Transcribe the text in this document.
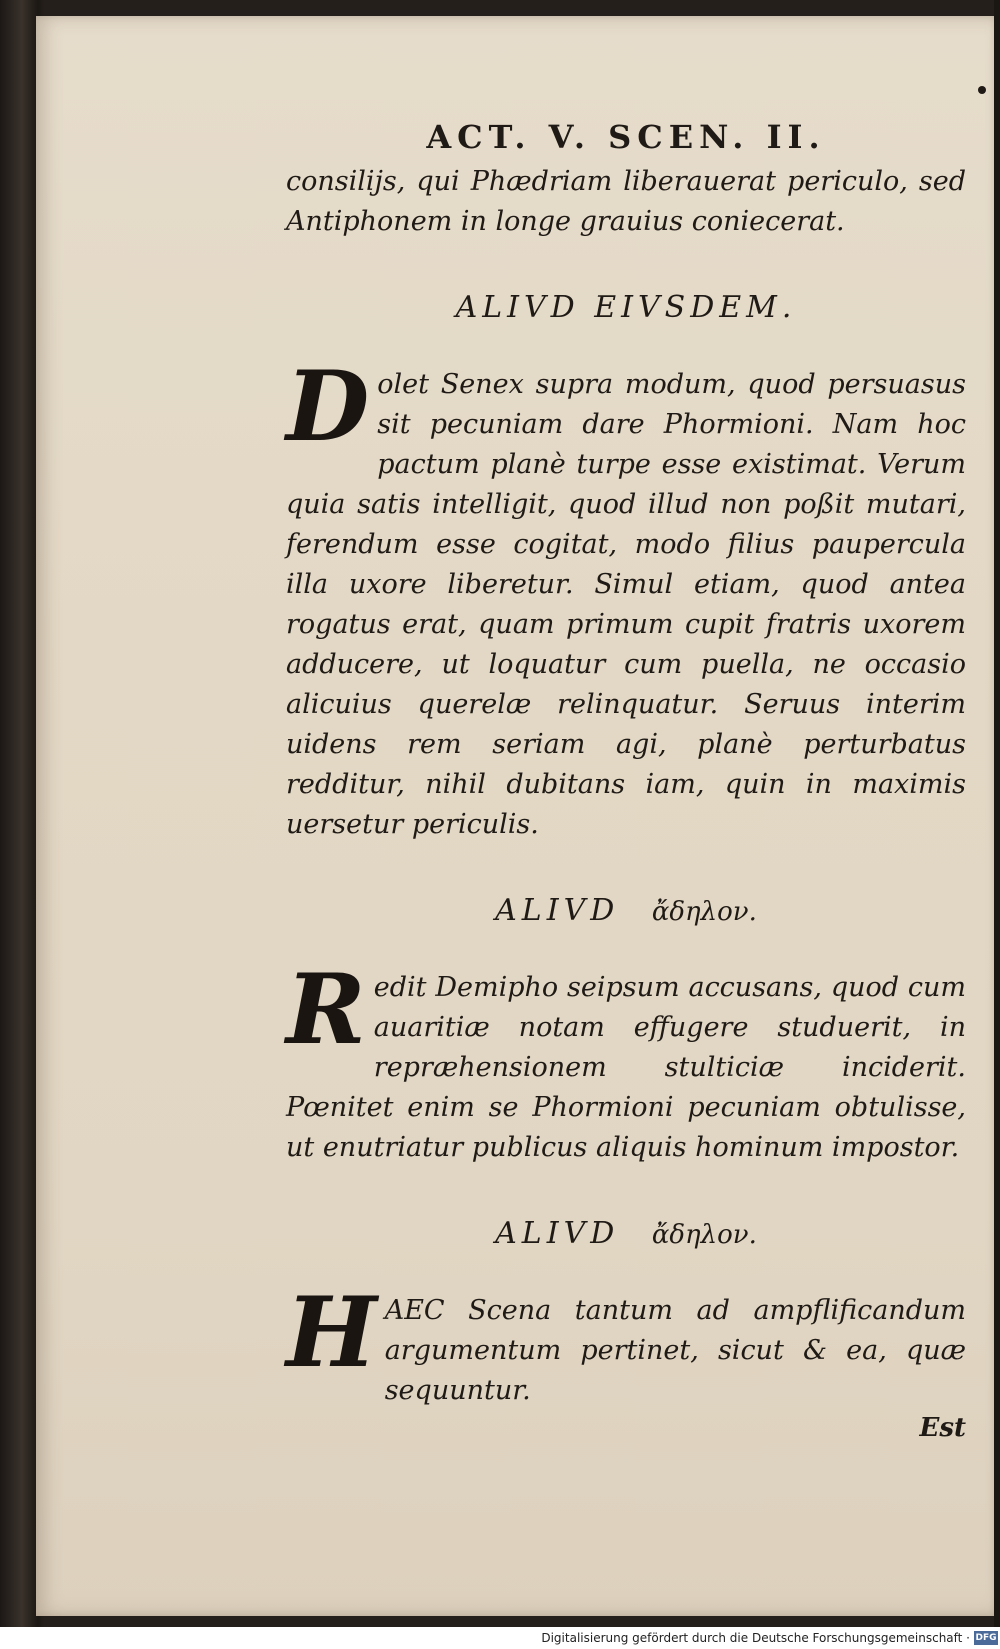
ACT. V. SCEN. II.

consilijs, qui Phædriam liberauerat periculo, sed Antiphonem in longe grauius coniecerat.

ALIVD EIVSDEM.

D olet Senex supra modum, quod persuasus sit pecuniam dare Phormioni. Nam hoc pactum planè turpe esse existimat. Verum quia satis intelligit, quod illud non poßit mutari, ferendum esse cogitat, modo filius paupercula illa uxore liberetur. Simul etiam, quod antea rogatus erat, quam primum cupit fratris uxorem adducere, ut loquatur cum puella, ne occasio alicuius querelæ relinquatur. Seruus interim uidens rem seriam agi, planè perturbatus redditur, nihil dubitans iam, quin in maximis uersetur periculis.

ALIVD ἄδηλον.

R edit Demipho seipsum accusans, quod cum auaritiæ notam effugere studuerit, in repræhensionem stulticiæ inciderit. Pœnitet enim se Phormioni pecuniam obtulisse, ut enutriatur publicus aliquis hominum impostor.

ALIVD ἄδηλον.

H AEC Scena tantum ad ampflificandum argumentum pertinet, sicut & ea, quæ sequuntur.

Est
Digitalisierung gefördert durch die Deutsche Forschungsgemeinschaft · DFG
